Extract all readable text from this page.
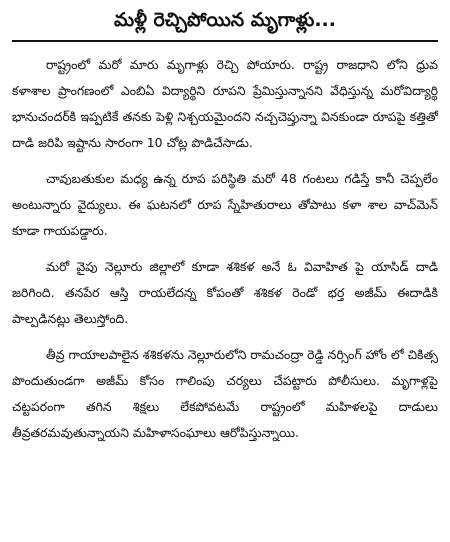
మళ్లీ రెచ్చిపోయిన మృగాళ్లు...

రాష్ట్రంలో మరో మారు మృగాళ్లు రెచ్చి పోయారు. రాష్ట్ర రాజధాని లోని ధ్రువ కళాశాల ప్రాంగణంలో ఎంబిఏ విద్యార్థిని రూపని ప్రేమిస్తున్నానని వేధిస్తున్న మరోవిద్యార్థి భానుచందర్‌కి ఇప్పటికే తనకు పెళ్లి నిశ్చయమైందని నచ్చచెప్తున్నా వినకుండా రూపపై కత్తితో దాడి జరిపి ఇష్టాను సారంగా 10 చోట్ల పొడిచేసాడు.

చావుబతుకుల మధ్య ఉన్న రూప పరిస్థితి మరో 48 గంటలు గడిస్తే కానీ చెప్పలేం అంటున్నారు వైద్యులు. ఈ ఘటనలో రూప స్నేహితురాలు తోపాటు కళా శాల వాచ్‌మెన్ కూడా గాయపడ్డారు.

మరో వైపు నెల్లూరు జిల్లాలో కూడా శశికళ అనే ఓ వివాహిత పై యాసిడ్ దాడి జరిగింది. తనపేర ఆస్తి రాయలేదన్న కోపంతో శశికళ రెండో భర్త అజీమ్ ఈదాడికి పాల్పడినట్లు తెలుస్తోంది.

తీవ్ర గాయాలపాలైన శశికళను నెల్లూరులోని రామచంద్రా రెడ్డి నర్సింగ్ హోం లో చికిత్స పొందుతుండగా అజీమ్ కోసం గాలింపు చర్యలు చేపట్టారు పోలీసులు. మృగాళ్లపై చట్టపరంగా తగిన శిక్షలు లేకపోవటమే రాష్ట్రంలో మహిళలపై దాడులు తీవ్రతరమవుతున్నాయని మహిళాసంఘాలు ఆరోపిస్తున్నాయి.
